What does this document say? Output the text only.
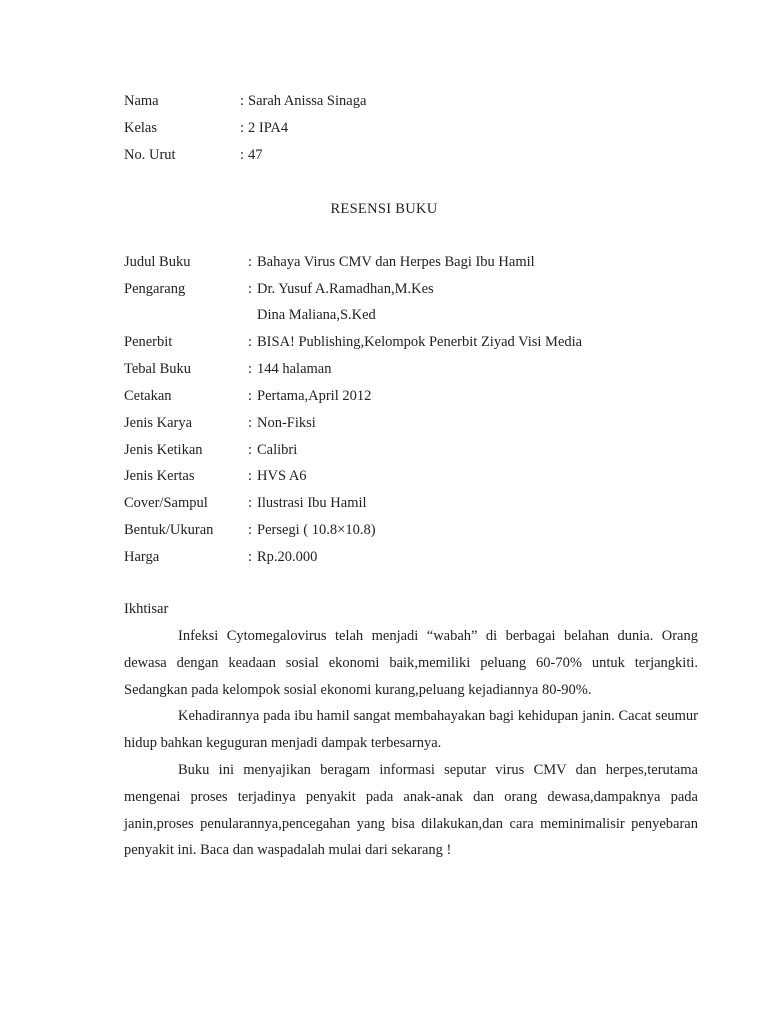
Nama	: Sarah Anissa Sinaga
Kelas	: 2 IPA4
No. Urut	: 47
RESENSI BUKU
Judul Buku	: Bahaya Virus CMV dan Herpes Bagi Ibu Hamil
Pengarang	: Dr. Yusuf A.Ramadhan,M.Kes
Dina Maliana,S.Ked
Penerbit	: BISA! Publishing,Kelompok Penerbit Ziyad Visi Media
Tebal Buku	: 144 halaman
Cetakan	: Pertama,April 2012
Jenis Karya	: Non-Fiksi
Jenis Ketikan	: Calibri
Jenis Kertas	: HVS A6
Cover/Sampul	: Ilustrasi Ibu Hamil
Bentuk/Ukuran : Persegi ( 10.8×10.8)
Harga	: Rp.20.000
Ikhtisar

Infeksi Cytomegalovirus telah menjadi “wabah” di berbagai belahan dunia. Orang dewasa dengan keadaan sosial ekonomi baik,memiliki peluang 60-70% untuk terjangkiti. Sedangkan pada kelompok sosial ekonomi kurang,peluang kejadiannya 80-90%.

Kehadirannya pada ibu hamil sangat membahayakan bagi kehidupan janin. Cacat seumur hidup bahkan keguguran menjadi dampak terbesarnya.

Buku ini menyajikan beragam informasi seputar virus CMV dan herpes,terutama mengenai proses terjadinya penyakit pada anak-anak dan orang dewasa,dampaknya pada janin,proses penularannya,pencegahan yang bisa dilakukan,dan cara meminimalisir penyebaran penyakit ini. Baca dan waspadalah mulai dari sekarang !
